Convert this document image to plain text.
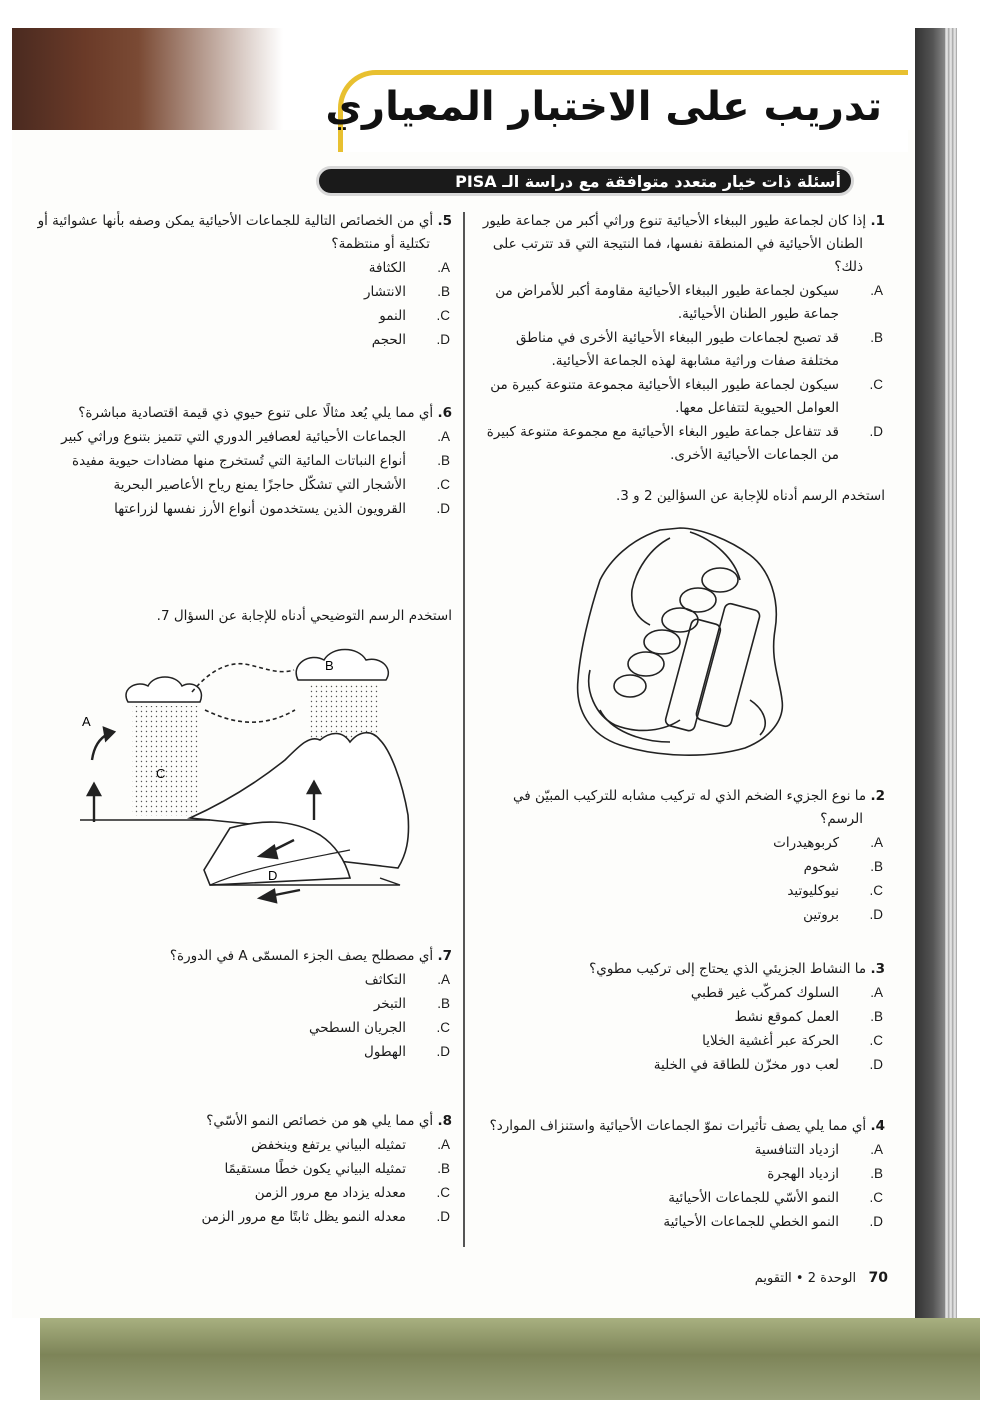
تدريب على الاختبار المعياري
أسئلة ذات خيار متعدد متوافقة مع دراسة الـ PISA
1. إذا كان لجماعة طيور الببغاء الأحيائية تنوع وراثي أكبر من جماعة طيور الطنان الأحيائية في المنطقة نفسها، فما النتيجة التي قد تترتب على ذلك؟
A.سيكون لجماعة طيور الببغاء الأحيائية مقاومة أكبر للأمراض من جماعة طيور الطنان الأحيائية.
B.قد تصبح لجماعات طيور الببغاء الأحيائية الأخرى في مناطق مختلفة صفات وراثية مشابهة لهذه الجماعة الأحيائية.
C.سيكون لجماعة طيور الببغاء الأحيائية مجموعة متنوعة كبيرة من العوامل الحيوية لتتفاعل معها.
D.قد تتفاعل جماعة طيور البغاء الأحيائية مع مجموعة متنوعة كبيرة من الجماعات الأحيائية الأخرى.
استخدم الرسم أدناه للإجابة عن السؤالين 2 و 3.
2. ما نوع الجزيء الضخم الذي له تركيب مشابه للتركيب المبيّن في الرسم؟
A.كربوهيدرات
B.شحوم
C.نيوكليوتيد
D.بروتين
3. ما النشاط الجزيئي الذي يحتاج إلى تركيب مطوي؟
A.السلوك كمركّب غير قطبي
B.العمل كموقع نشط
C.الحركة عبر أغشية الخلايا
D.لعب دور مخزّن للطاقة في الخلية
4. أي مما يلي يصف تأثيرات نموّ الجماعات الأحيائية واستنزاف الموارد؟
A.ازدياد التنافسية
B.ازدياد الهجرة
C.النمو الأسّي للجماعات الأحيائية
D.النمو الخطي للجماعات الأحيائية
5. أي من الخصائص التالية للجماعات الأحيائية يمكن وصفه بأنها عشوائية أو تكتلية أو منتظمة؟
A.الكثافة
B.الانتشار
C.النمو
D.الحجم
6. أي مما يلي يُعد مثالًا على تنوع حيوي ذي قيمة اقتصادية مباشرة؟
A.الجماعات الأحيائية لعصافير الدوري التي تتميز بتنوع وراثي كبير
B.أنواع النباتات المائية التي تُستخرج منها مضادات حيوية مفيدة
C.الأشجار التي تشكّل حاجزًا يمنع رياح الأعاصير البحرية
D.القرويون الذين يستخدمون أنواع الأرز نفسها لزراعتها
استخدم الرسم التوضيحي أدناه للإجابة عن السؤال 7.
7. أي مصطلح يصف الجزء المسمّى A في الدورة؟
A.التكاثف
B.التبخر
C.الجريان السطحي
D.الهطول
8. أي مما يلي هو من خصائص النمو الأسّي؟
A.تمثيله البياني يرتفع وينخفض
B.تمثيله البياني يكون خطًا مستقيمًا
C.معدله يزداد مع مرور الزمن
D.معدله النمو يظل ثابتًا مع مرور الزمن
A
B
C
D
70   الوحدة 2 • التقويم
